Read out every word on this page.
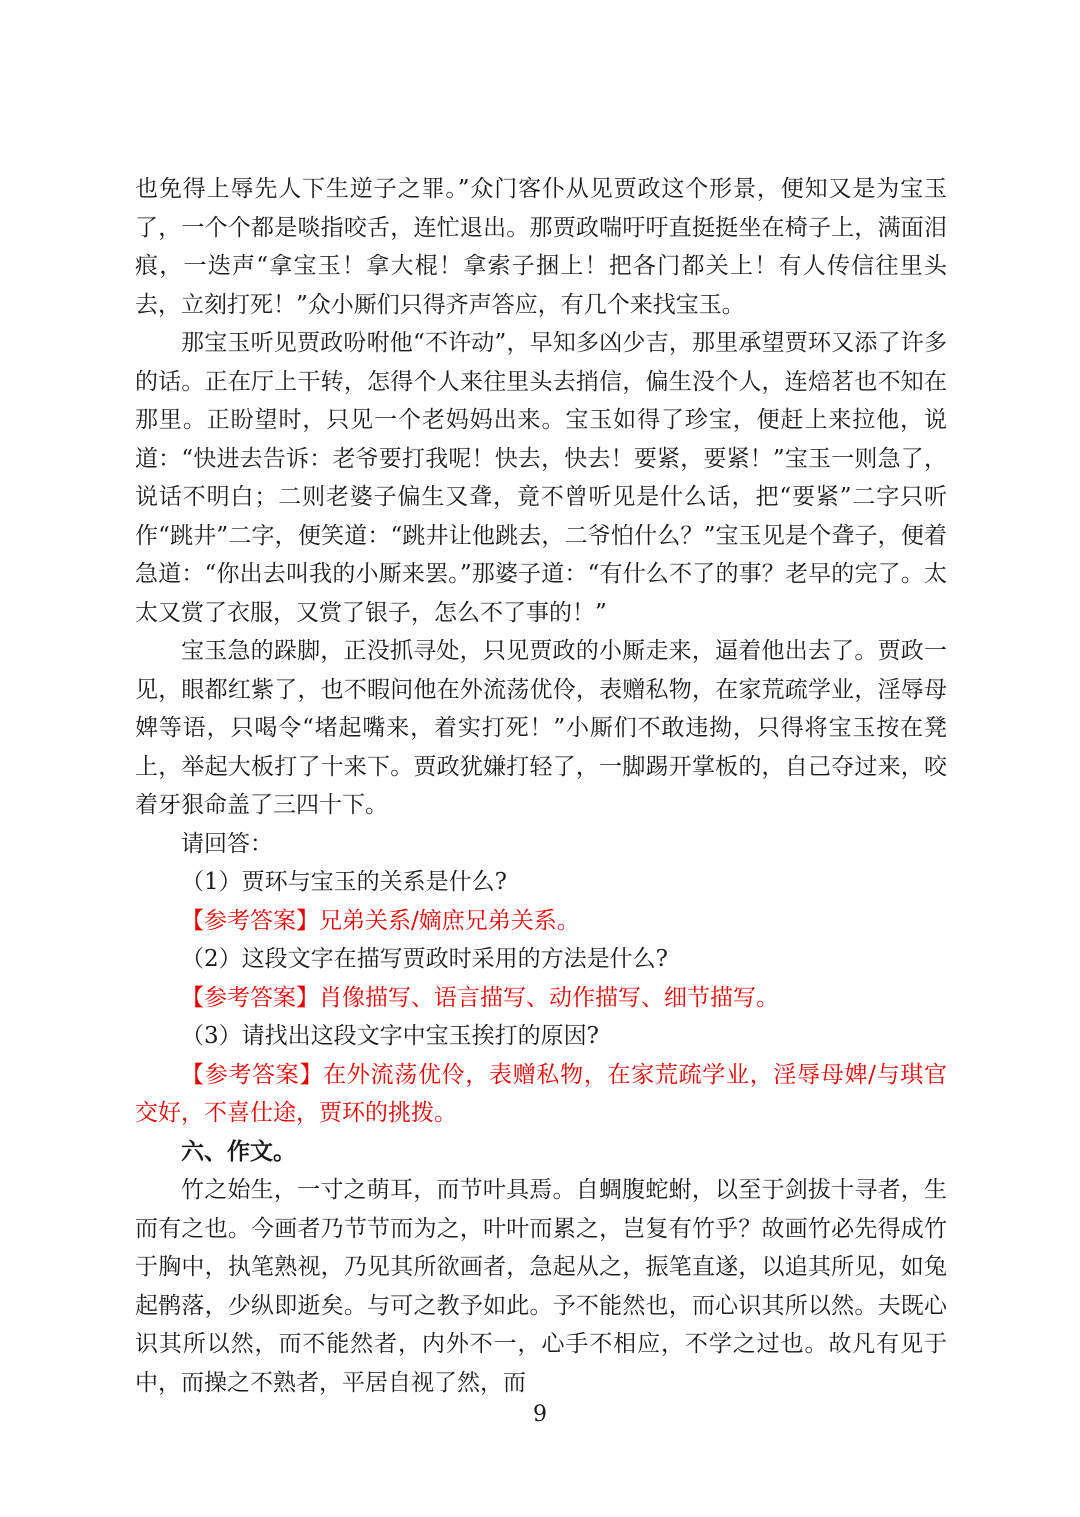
也免得上辱先人下生逆子之罪。”众门客仆从见贾政这个形景，便知又是为宝玉了，一个个都是啖指咬舌，连忙退出。那贾政喘吁吁直挺挺坐在椅子上，满面泪痕，一迭声“拿宝玉！拿大棍！拿索子捆上！把各门都关上！有人传信往里头去，立刻打死！”众小厮们只得齐声答应，有几个来找宝玉。

那宝玉听见贾政吩咐他“不许动”，早知多凶少吉，那里承望贾环又添了许多的话。正在厅上干转，怎得个人来往里头去捎信，偏生没个人，连焙茗也不知在那里。正盼望时，只见一个老妈妈出来。宝玉如得了珍宝，便赶上来拉他，说道：“快进去告诉：老爷要打我呢！快去，快去！要紧，要紧！”宝玉一则急了，说话不明白；二则老婆子偏生又聋，竟不曾听见是什么话，把“要紧”二字只听作“跳井”二字，便笑道：“跳井让他跳去，二爷怕什么？”宝玉见是个聋子，便着急道：“你出去叫我的小厮来罢。”那婆子道：“有什么不了的事？老早的完了。太太又赏了衣服，又赏了银子，怎么不了事的！”

宝玉急的跺脚，正没抓寻处，只见贾政的小厮走来，逼着他出去了。贾政一见，眼都红紫了，也不暇问他在外流荡优伶，表赠私物，在家荒疏学业，淫辱母婢等语，只喝令“堵起嘴来，着实打死！”小厮们不敢违拗，只得将宝玉按在凳上，举起大板打了十来下。贾政犹嫌打轻了，一脚踢开掌板的，自己夺过来，咬着牙狠命盖了三四十下。

请回答：

（1）贾环与宝玉的关系是什么?

【参考答案】兄弟关系/嫡庶兄弟关系。

（2）这段文字在描写贾政时采用的方法是什么?

【参考答案】肖像描写、语言描写、动作描写、细节描写。

（3）请找出这段文字中宝玉挨打的原因?

【参考答案】在外流荡优伶，表赠私物，在家荒疏学业，淫辱母婢/与琪官交好，不喜仕途，贾环的挑拨。

六、作文。

竹之始生，一寸之萌耳，而节叶具焉。自蜩腹蛇蚹，以至于剑拔十寻者，生而有之也。今画者乃节节而为之，叶叶而累之，岂复有竹乎？故画竹必先得成竹于胸中，执笔熟视，乃见其所欲画者，急起从之，振笔直遂，以追其所见，如兔起鹘落，少纵即逝矣。与可之教予如此。予不能然也，而心识其所以然。夫既心识其所以然，而不能然者，内外不一，心手不相应，不学之过也。故凡有见于中，而操之不熟者，平居自视了然，而

9
